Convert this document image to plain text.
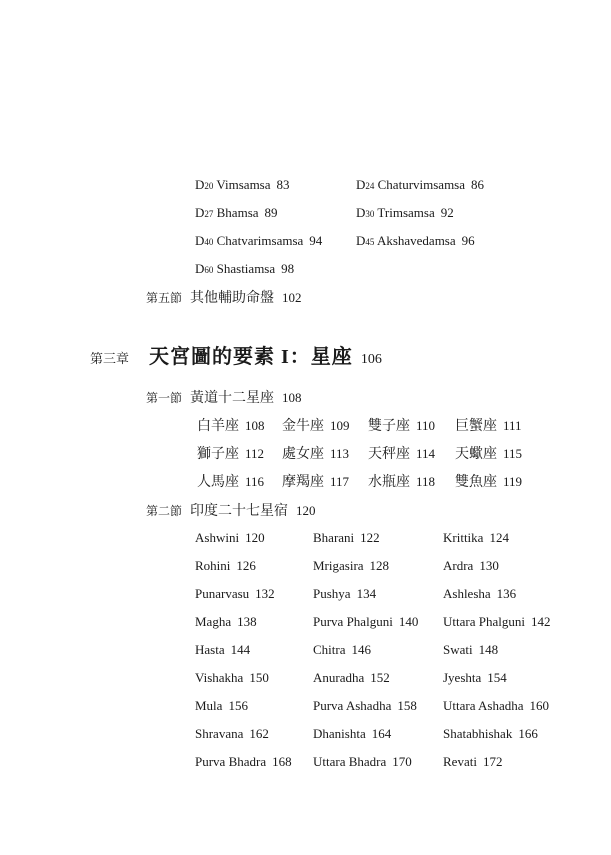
D20 Vimsamsa 83	D24 Chaturvimsamsa 86
D27 Bhamsa 89	D30 Trimsamsa 92
D40 Chatvarimsamsa 94	D45 Akshavedamsa 96
D60 Shastiamsa 98
第五節 其他輔助命盤 102
第三章 天宮圖的要素 I：星座 106
第一節 黃道十二星座 108
白羊座 108 金牛座 109 雙子座 110 巨蟹座 111
獅子座 112 處女座 113 天秤座 114 天蠍座 115
人馬座 116 摩羯座 117 水瓶座 118 雙魚座 119
第二節 印度二十七星宿 120
Ashwini 120	Bharani 122	Krittika 124
Rohini 126	Mrigasira 128	Ardra 130
Punarvasu 132	Pushya 134	Ashlesha 136
Magha 138	Purva Phalguni 140 Uttara Phalguni 142
Hasta 144	Chitra 146	Swati 148
Vishakha 150	Anuradha 152	Jyeshta 154
Mula 156	Purva Ashadha 158 Uttara Ashadha 160
Shravana 162	Dhanishta 164	Shatabhishak 166
Purva Bhadra 168 Uttara Bhadra 170 Revati 172
